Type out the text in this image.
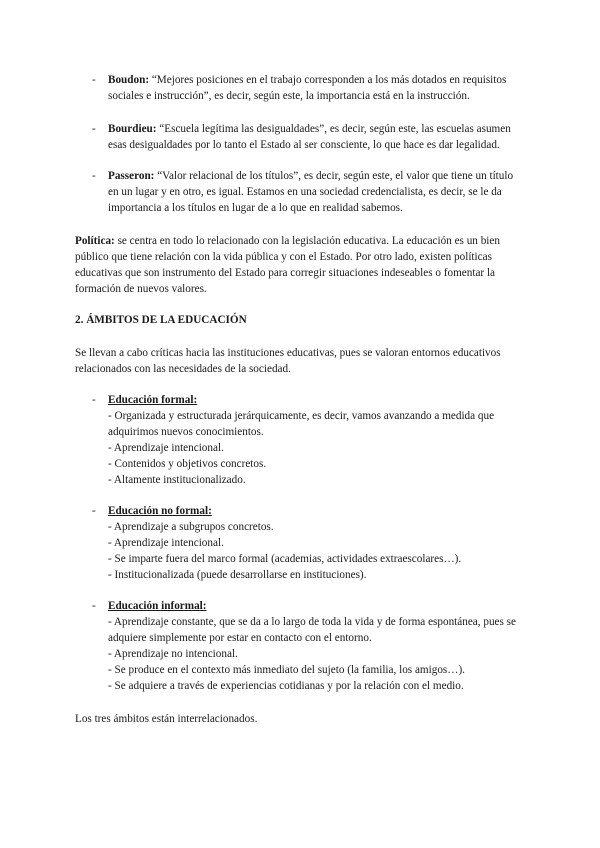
- Boudon: “Mejores posiciones en el trabajo corresponden a los más dotados en requisitos sociales e instrucción”, es decir, según este, la importancia está en la instrucción.
- Bourdieu: “Escuela legítima las desigualdades”, es decir, según este, las escuelas asumen esas desigualdades por lo tanto el Estado al ser consciente, lo que hace es dar legalidad.
- Passeron: “Valor relacional de los títulos”, es decir, según este, el valor que tiene un título en un lugar y en otro, es igual. Estamos en una sociedad credencialista, es decir, se le da importancia a los títulos en lugar de a lo que en realidad sabemos.

Política: se centra en todo lo relacionado con la legislación educativa. La educación es un bien público que tiene relación con la vida pública y con el Estado. Por otro lado, existen políticas educativas que son instrumento del Estado para corregir situaciones indeseables o fomentar la formación de nuevos valores.

2. ÁMBITOS DE LA EDUCACIÓN

Se llevan a cabo críticas hacia las instituciones educativas, pues se valoran entornos educativos relacionados con las necesidades de la sociedad.

- Educación formal:
- Organizada y estructurada jerárquicamente, es decir, vamos avanzando a medida que adquirimos nuevos conocimientos.
- Aprendizaje intencional.
- Contenidos y objetivos concretos.
- Altamente institucionalizado.
- Educación no formal:
- Aprendizaje a subgrupos concretos.
- Aprendizaje intencional.
- Se imparte fuera del marco formal (academias, actividades extraescolares…).
- Institucionalizada (puede desarrollarse en instituciones).
- Educación informal:
- Aprendizaje constante, que se da a lo largo de toda la vida y de forma espontánea, pues se adquiere simplemente por estar en contacto con el entorno.
- Aprendizaje no intencional.
- Se produce en el contexto más inmediato del sujeto (la familia, los amigos…).
- Se adquiere a través de experiencias cotidianas y por la relación con el medio.

Los tres ámbitos están interrelacionados.
